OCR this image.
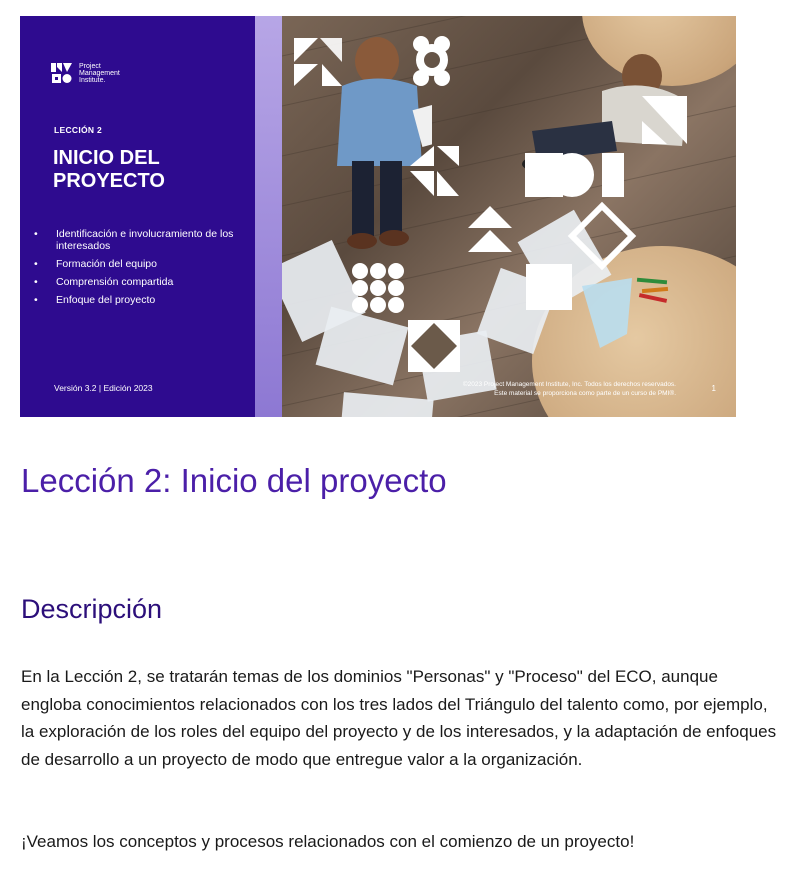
Project
Management
Institute.
LECCIÓN 2
INICIO DEL PROYECTO
• Identificación e involucramiento de los interesados
• Formación del equipo
• Comprensión compartida
• Enfoque del proyecto
Versión 3.2 | Edición 2023	©2023 Project Management Institute, Inc. Todos los derechos reservados.
Este material se proporciona como parte de un curso de PMI®.
1
Lección 2: Inicio del proyecto
Descripción

En la Lección 2, se tratarán temas de los dominios "Personas" y "Proceso" del ECO, aunque engloba conocimientos relacionados con los tres lados del Triángulo del talento como, por ejemplo, la exploración de los roles del equipo del proyecto y de los interesados, y la adaptación de enfoques de desarrollo a un proyecto de modo que entregue valor a la organización.

¡Veamos los conceptos y procesos relacionados con el comienzo de un proyecto!
